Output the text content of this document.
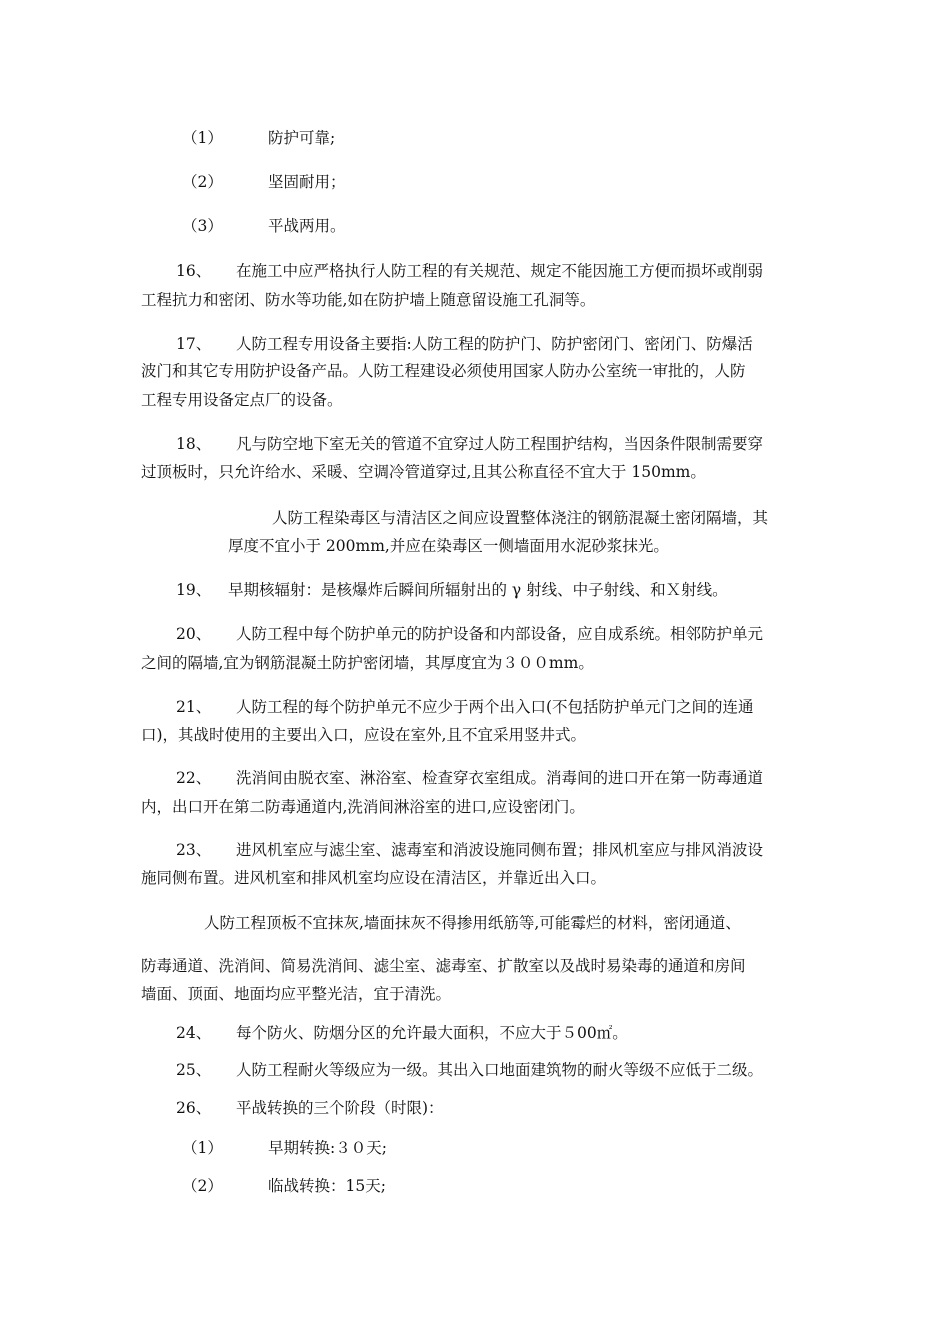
（1）	防护可靠;
（2）	坚固耐用；
（3）	平战两用。
16、 在施工中应严格执行人防工程的有关规范、规定不能因施工方便而损坏或削弱
工程抗力和密闭、防水等功能,如在防护墙上随意留设施工孔洞等。
17、 人防工程专用设备主要指:人防工程的防护门、防护密闭门、密闭门、防爆活
波门和其它专用防护设备产品。人防工程建设必须使用国家人防办公室统一审批的，人防
工程专用设备定点厂的设备。
18、 凡与防空地下室无关的管道不宜穿过人防工程围护结构，当因条件限制需要穿
过顶板时，只允许给水、采暖、空调冷管道穿过,且其公称直径不宜大于 150mm。
人防工程染毒区与清洁区之间应设置整体浇注的钢筋混凝土密闭隔墙，其
厚度不宜小于 200mm,并应在染毒区一侧墙面用水泥砂浆抹光。
19、 早期核辐射：是核爆炸后瞬间所辐射出的 γ 射线、中子射线、和Ｘ射线。
20、 人防工程中每个防护单元的防护设备和内部设备，应自成系统。相邻防护单元
之间的隔墙,宜为钢筋混凝土防护密闭墙，其厚度宜为３００mm。
21、 人防工程的每个防护单元不应少于两个出入口(不包括防护单元门之间的连通
口)，其战时使用的主要出入口，应设在室外,且不宜采用竖井式。
22、 洗消间由脱衣室、淋浴室、检查穿衣室组成。消毒间的进口开在第一防毒通道
内，出口开在第二防毒通道内,洗消间淋浴室的进口,应设密闭门。
23、 进风机室应与滤尘室、滤毒室和消波设施同侧布置；排风机室应与排风消波设
施同侧布置。进风机室和排风机室均应设在清洁区，并靠近出入口。
人防工程顶板不宜抹灰,墙面抹灰不得掺用纸筋等,可能霉烂的材料，密闭通道、
防毒通道、洗消间、简易洗消间、滤尘室、滤毒室、扩散室以及战时易染毒的通道和房间
墙面、顶面、地面均应平整光洁，宜于清洗。
24、 每个防火、防烟分区的允许最大面积，不应大于５00㎡。
25、 人防工程耐火等级应为一级。其出入口地面建筑物的耐火等级不应低于二级。
26、 平战转换的三个阶段（时限)：
（1）	早期转换:３０天;
（2）	临战转换：15天;
